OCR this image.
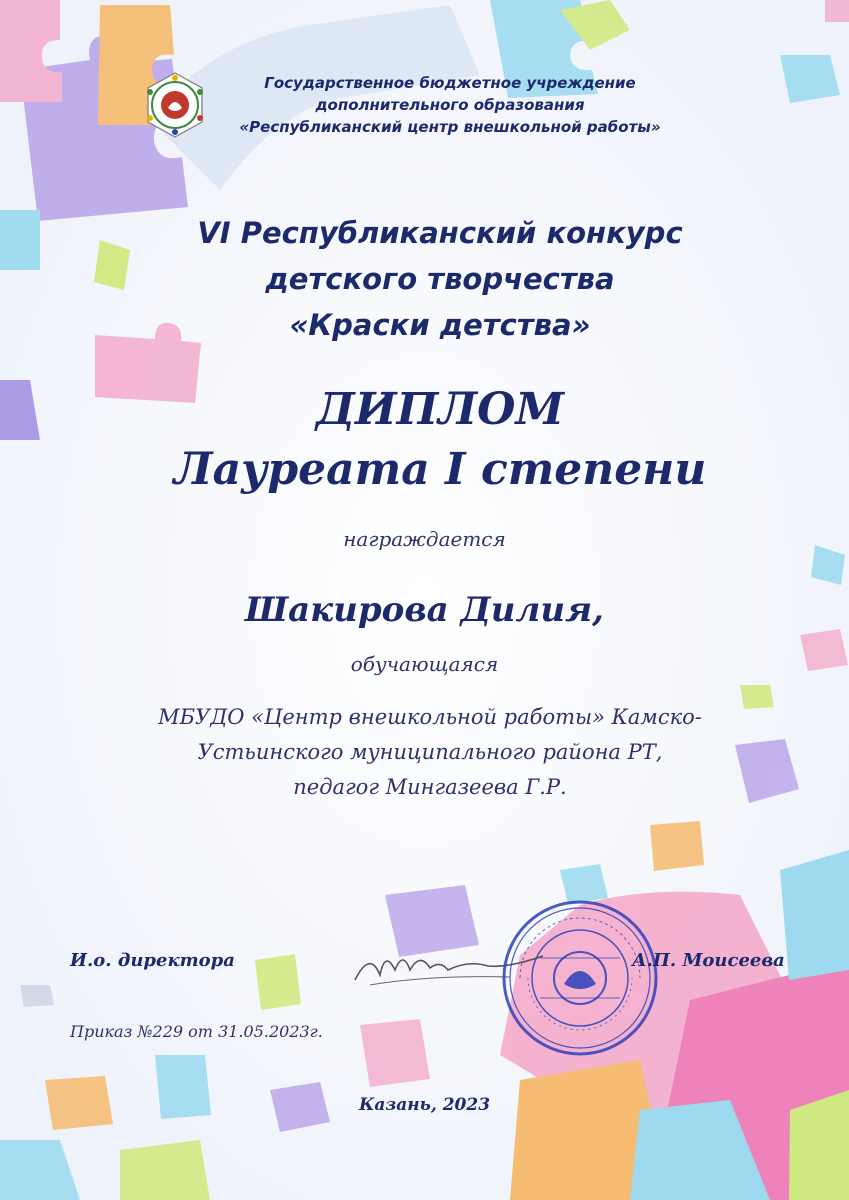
Государственное бюджетное учреждение
дополнительного образования
«Республиканский центр внешкольной работы»
VI Республиканский конкурс
детского творчества
«Краски детства»
ДИПЛОМ
Лауреата I степени
награждается
Шакирова Дилия,
обучающаяся
МБУДО «Центр внешкольной работы» Камско-
Устьинского муниципального района РТ,
педагог Мингазеева Г.Р.
И.о. директора	А.П. Моисеева
Приказ №229 от 31.05.2023г.
Казань, 2023
